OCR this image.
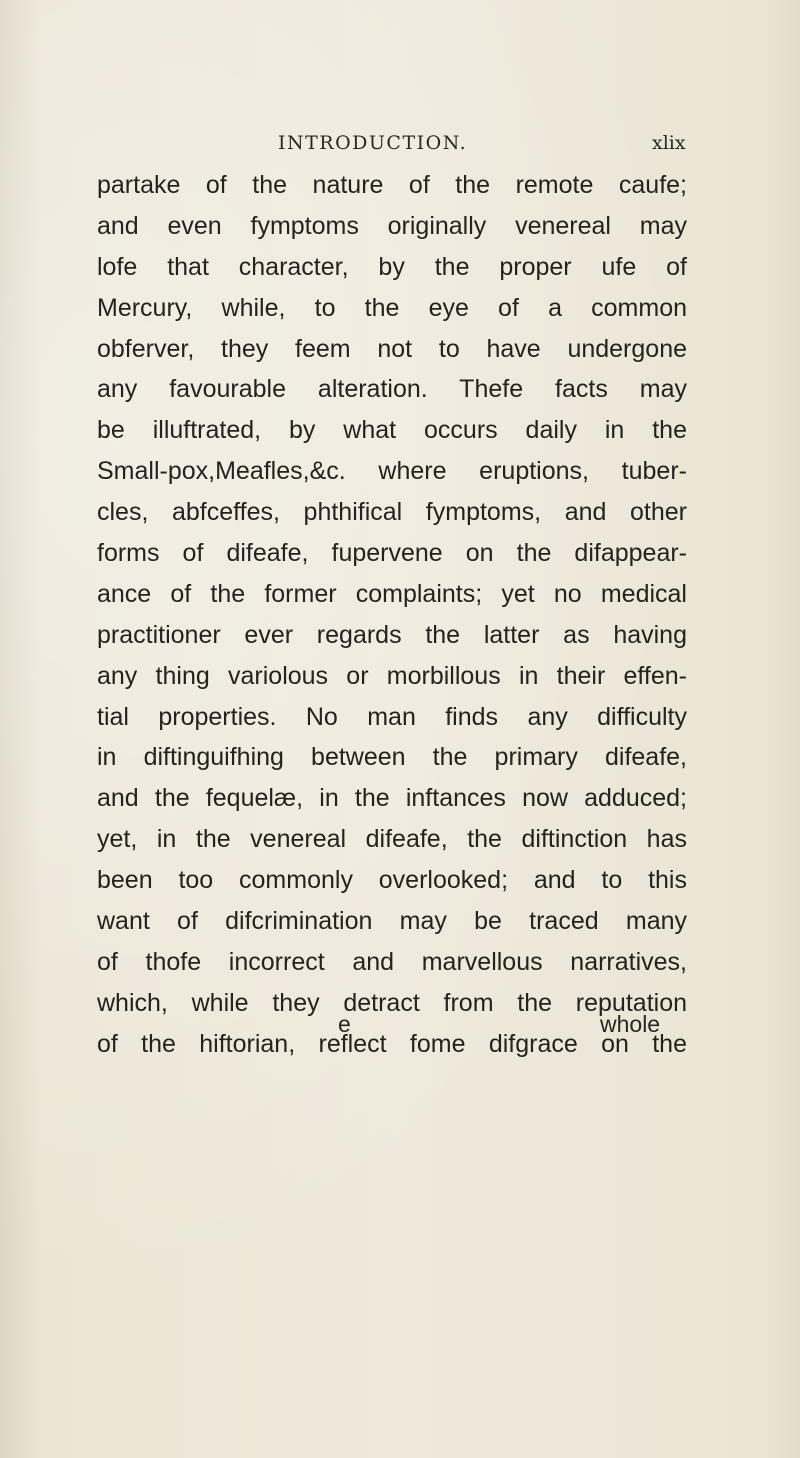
INTRODUCTION.	xlix
partake of the nature of the remote caufe;
and even fymptoms originally venereal may
lofe that character, by the proper ufe of
Mercury, while, to the eye of a common
obferver, they feem not to have undergone
any favourable alteration. Thefe facts may
be illuftrated, by what occurs daily in the
Small-pox,Meafles,&c. where eruptions, tuber-
cles, abfceffes, phthifical fymptoms, and other
forms of difeafe, fupervene on the difappear-
ance of the former complaints; yet no medical
practitioner ever regards the latter as having
any thing variolous or morbillous in their effen-
tial properties. No man finds any difficulty
in diftinguifhing between the primary difeafe,
and the fequelæ, in the inftances now adduced;
yet, in the venereal difeafe, the diftinction has
been too commonly overlooked; and to this
want of difcrimination may be traced many
of thofe incorrect and marvellous narratives,
which, while they detract from the reputation
of the hiftorian, reflect fome difgrace on the
e	whole
